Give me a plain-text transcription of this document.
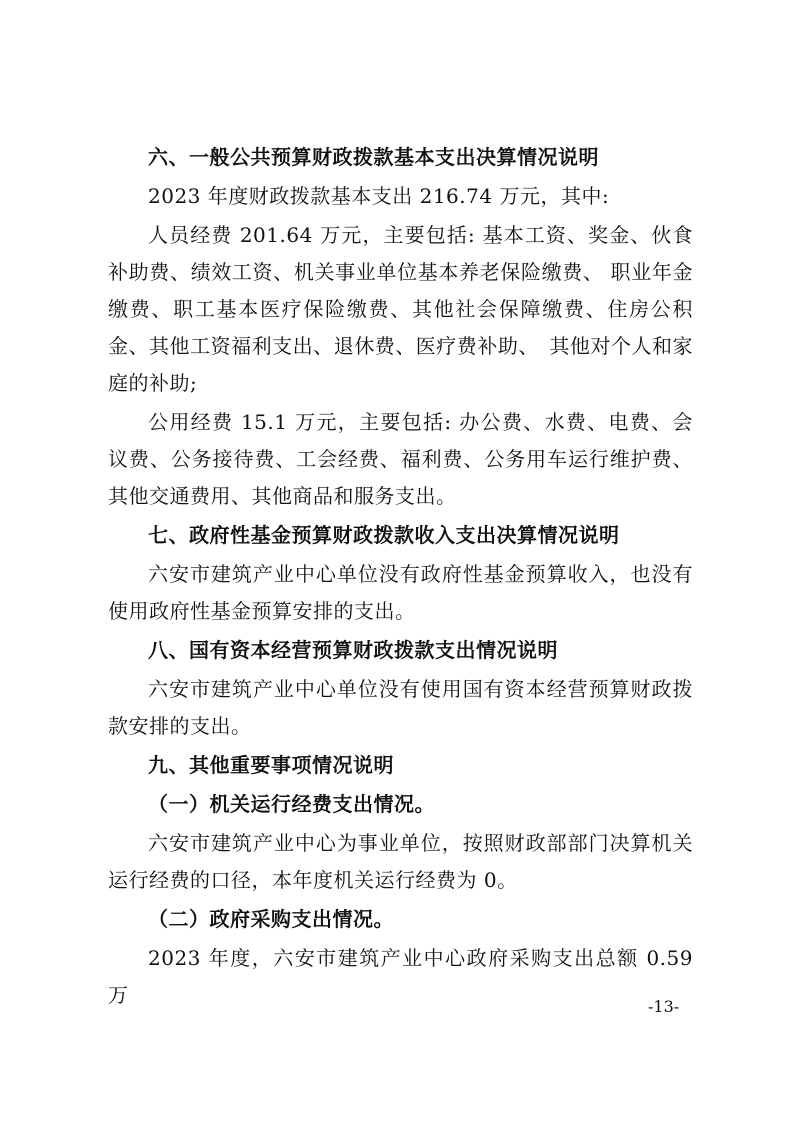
六、一般公共预算财政拨款基本支出决算情况说明

2023 年度财政拨款基本支出 216.74 万元，其中:

人员经费 201.64 万元，主要包括: 基本工资、奖金、伙食补助费、绩效工资、机关事业单位基本养老保险缴费、 职业年金缴费、职工基本医疗保险缴费、其他社会保障缴费、住房公积金、其他工资福利支出、退休费、医疗费补助、　其他对个人和家庭的补助;

公用经费 15.1 万元，主要包括: 办公费、水费、电费、会议费、公务接待费、工会经费、福利费、公务用车运行维护费、其他交通费用、其他商品和服务支出。

七、政府性基金预算财政拨款收入支出决算情况说明

六安市建筑产业中心单位没有政府性基金预算收入，也没有使用政府性基金预算安排的支出。

八、国有资本经营预算财政拨款支出情况说明

六安市建筑产业中心单位没有使用国有资本经营预算财政拨款安排的支出。

九、其他重要事项情况说明

（一）机关运行经费支出情况。

六安市建筑产业中心为事业单位，按照财政部部门决算机关运行经费的口径，本年度机关运行经费为 0。

（二）政府采购支出情况。

2023 年度，六安市建筑产业中心政府采购支出总额 0.59 万	-13-
